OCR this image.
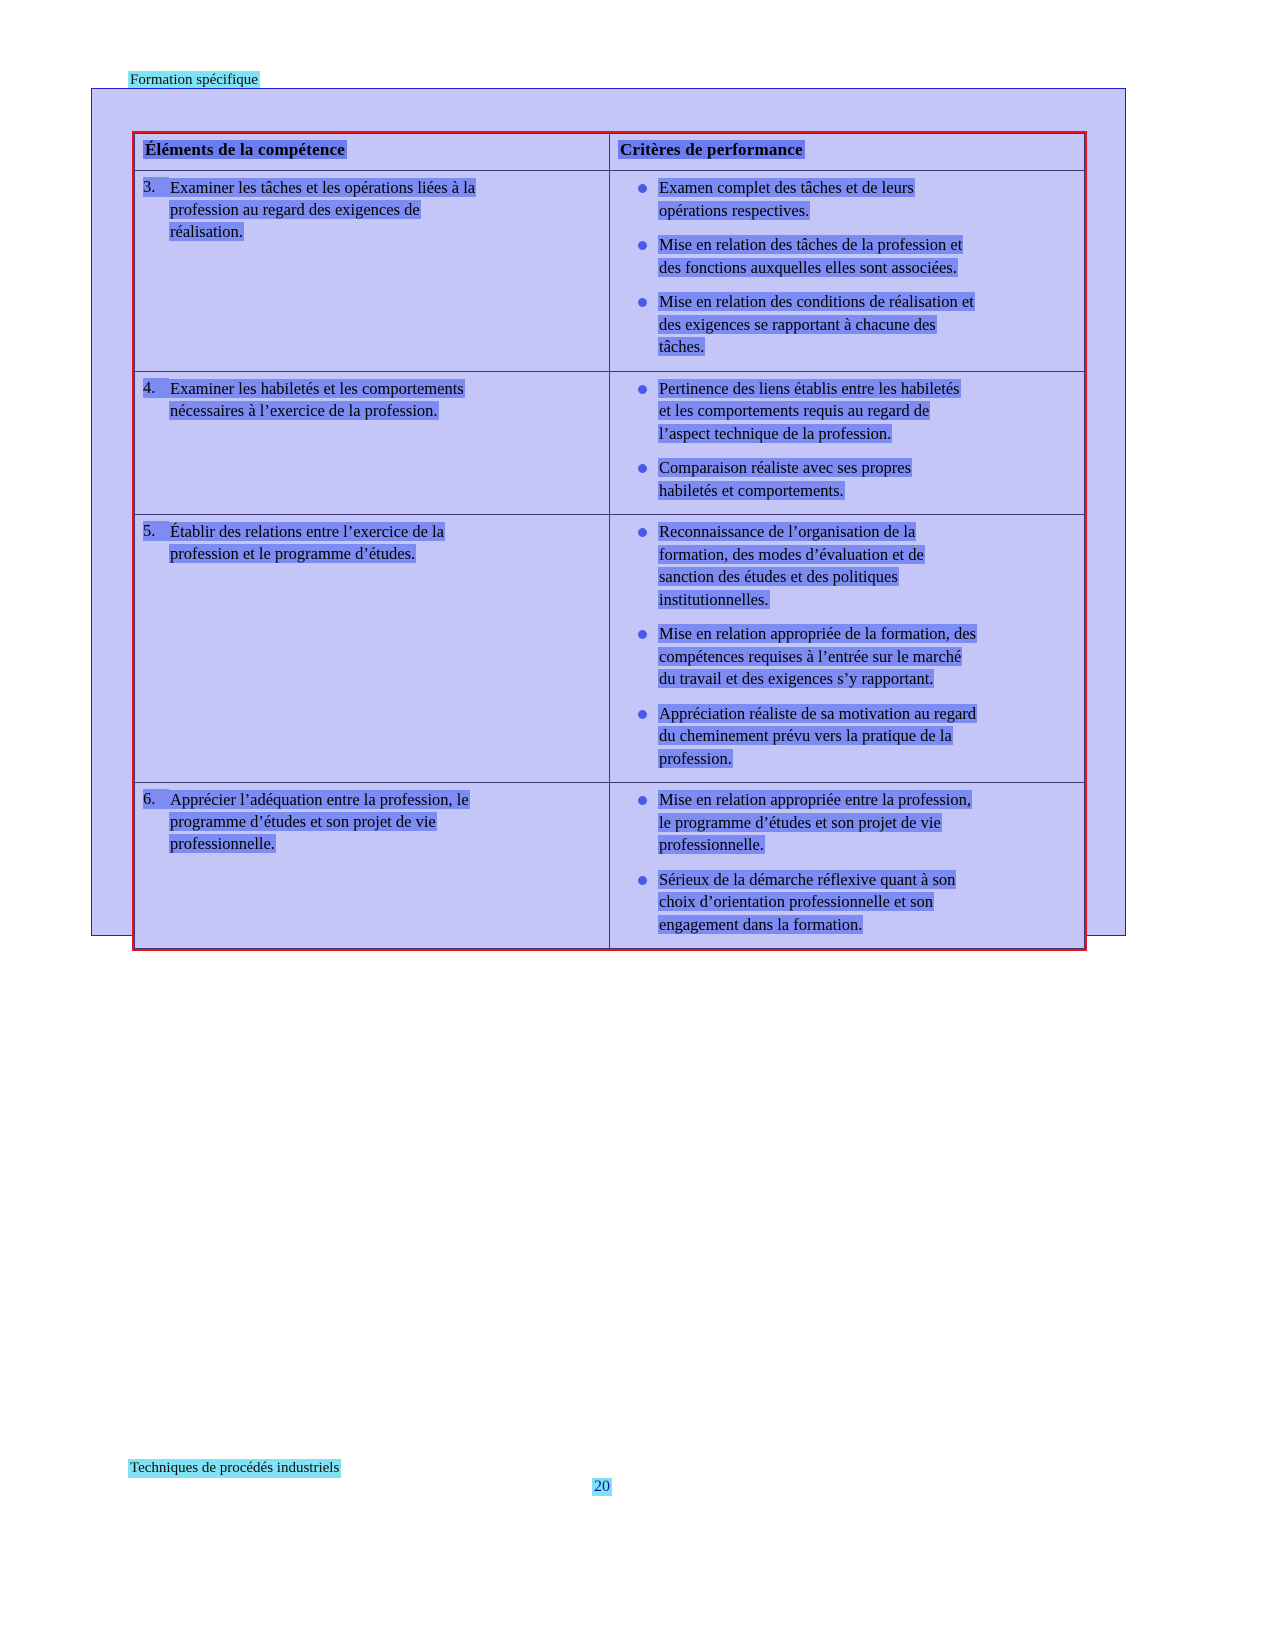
Formation spécifique
Éléments de la compétence	Critères de performance

3. Examiner les tâches et les opérations liées à la
profession au regard des exigences de
réalisation.

Examen complet des tâches et de leurs
opérations respectives.
Mise en relation des tâches de la profession et
des fonctions auxquelles elles sont associées.
Mise en relation des conditions de réalisation et
des exigences se rapportant à chacune des
tâches.

4. Examiner les habiletés et les comportements
nécessaires à l’exercice de la profession.

Pertinence des liens établis entre les habiletés
et les comportements requis au regard de
l’aspect technique de la profession.
Comparaison réaliste avec ses propres
habiletés et comportements.

5. Établir des relations entre l’exercice de la
profession et le programme d’études.

Reconnaissance de l’organisation de la
formation, des modes d’évaluation et de
sanction des études et des politiques
institutionnelles.
Mise en relation appropriée de la formation, des
compétences requises à l’entrée sur le marché
du travail et des exigences s’y rapportant.
Appréciation réaliste de sa motivation au regard
du cheminement prévu vers la pratique de la
profession.

6. Apprécier l’adéquation entre la profession, le
programme d’études et son projet de vie
professionnelle.

Mise en relation appropriée entre la profession,
le programme d’études et son projet de vie
professionnelle.
Sérieux de la démarche réflexive quant à son
choix d’orientation professionnelle et son
engagement dans la formation.
Techniques de procédés industriels
20
